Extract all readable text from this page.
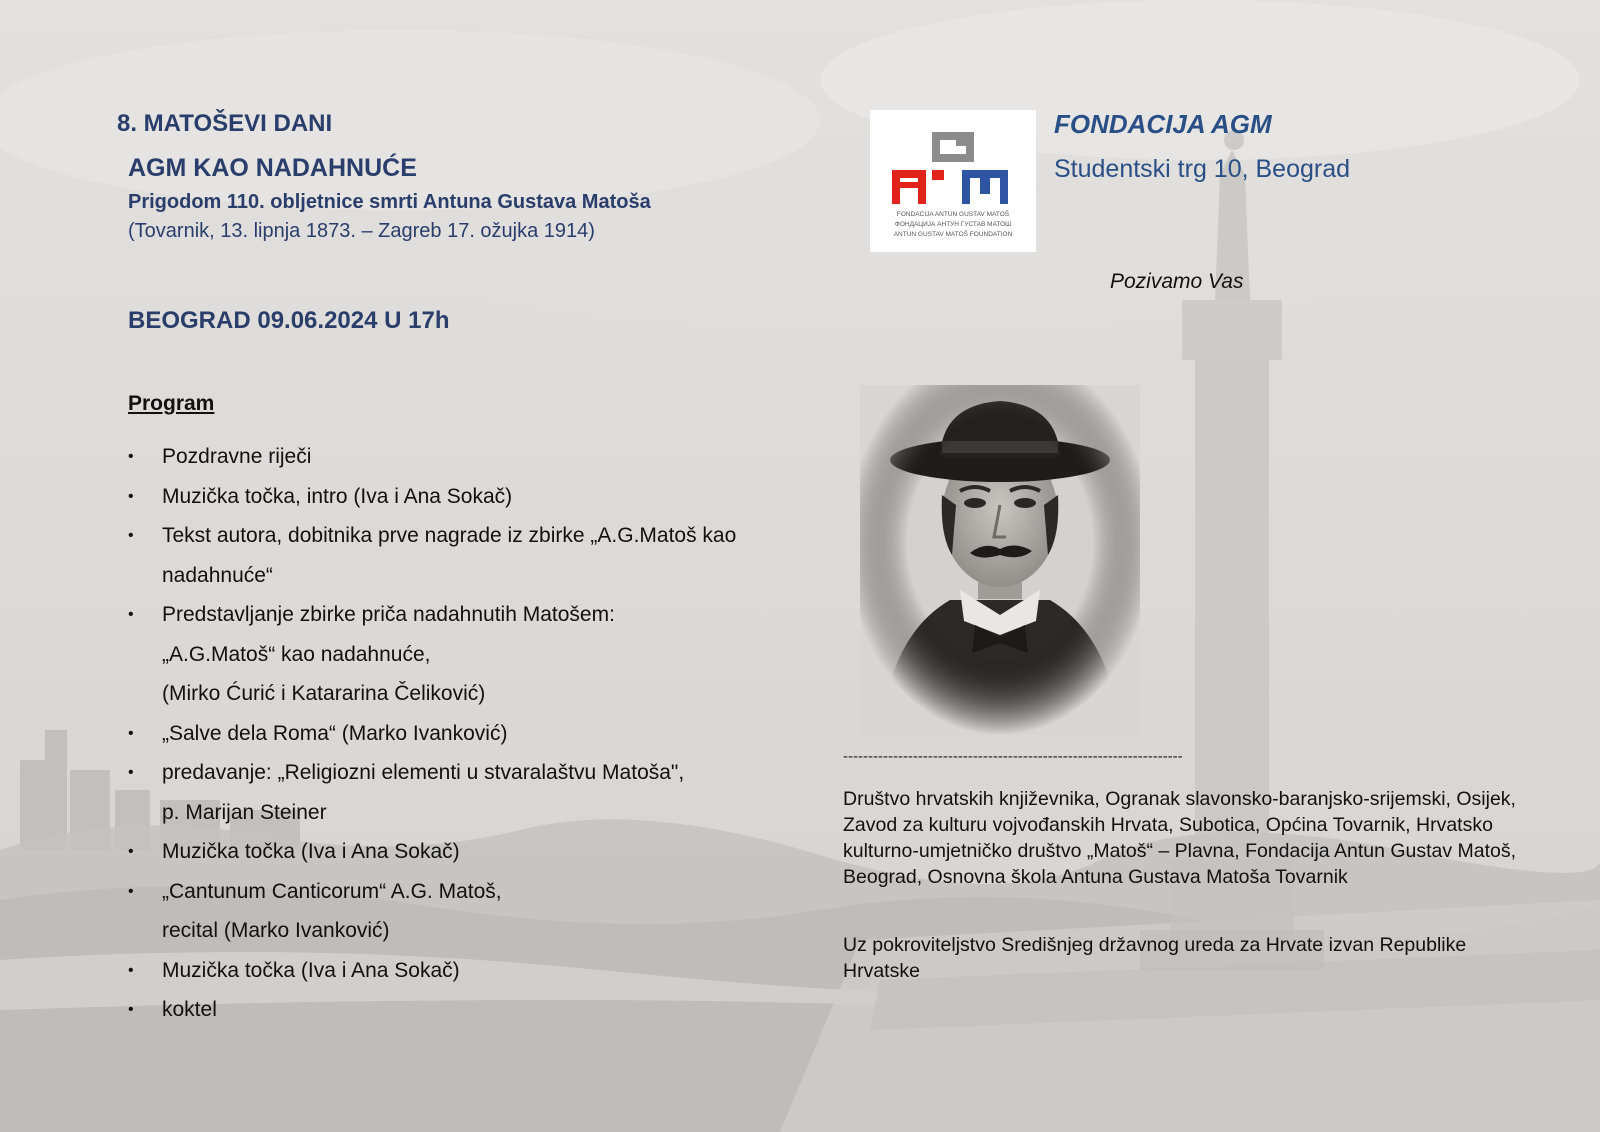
8. MATOŠEVI DANI
AGM KAO NADAHNUĆE
Prigodom 110. obljetnice smrti Antuna Gustava Matoša
(Tovarnik, 13. lipnja 1873. – Zagreb 17. ožujka 1914)
BEOGRAD 09.06.2024 U 17h
Program
• Pozdravne riječi
• Muzička točka, intro (Iva i Ana Sokač)
• Tekst autora, dobitnika prve nagrade iz zbirke „A.G.Matoš kao
nadahnuće“
• Predstavljanje zbirke priča nadahnutih Matošem:
„A.G.Matoš“ kao nadahnuće,
(Mirko Ćurić i Katararina Čeliković)
• „Salve dela Roma“ (Marko Ivanković)
• predavanje: „Religiozni elementi u stvaralaštvu Matoša",
p. Marijan Steiner
• Muzička točka (Iva i Ana Sokač)
• „Cantunum Canticorum“ A.G. Matoš,
recital (Marko Ivanković)
• Muzička točka (Iva i Ana Sokač)
• koktel
FONDACIJA ANTUN GUSTAV MATOŠ
ФОНДАЦИЈА АНТУН ГУСТАВ МАТОШ
ANTUN GUSTAV MATOŠ FOUNDATION
FONDACIJA AGM
Studentski trg 10, Beograd
Pozivamo Vas
--------------------------------------------------------------------
Društvo hrvatskih književnika, Ogranak slavonsko-baranjsko-srijemski, Osijek, Zavod za kulturu vojvođanskih Hrvata, Subotica, Općina Tovarnik, Hrvatsko kulturno-umjetničko društvo „Matoš“ – Plavna, Fondacija Antun Gustav Matoš, Beograd, Osnovna škola Antuna Gustava Matoša Tovarnik
Uz pokroviteljstvo Središnjeg državnog ureda za Hrvate izvan Republike Hrvatske
